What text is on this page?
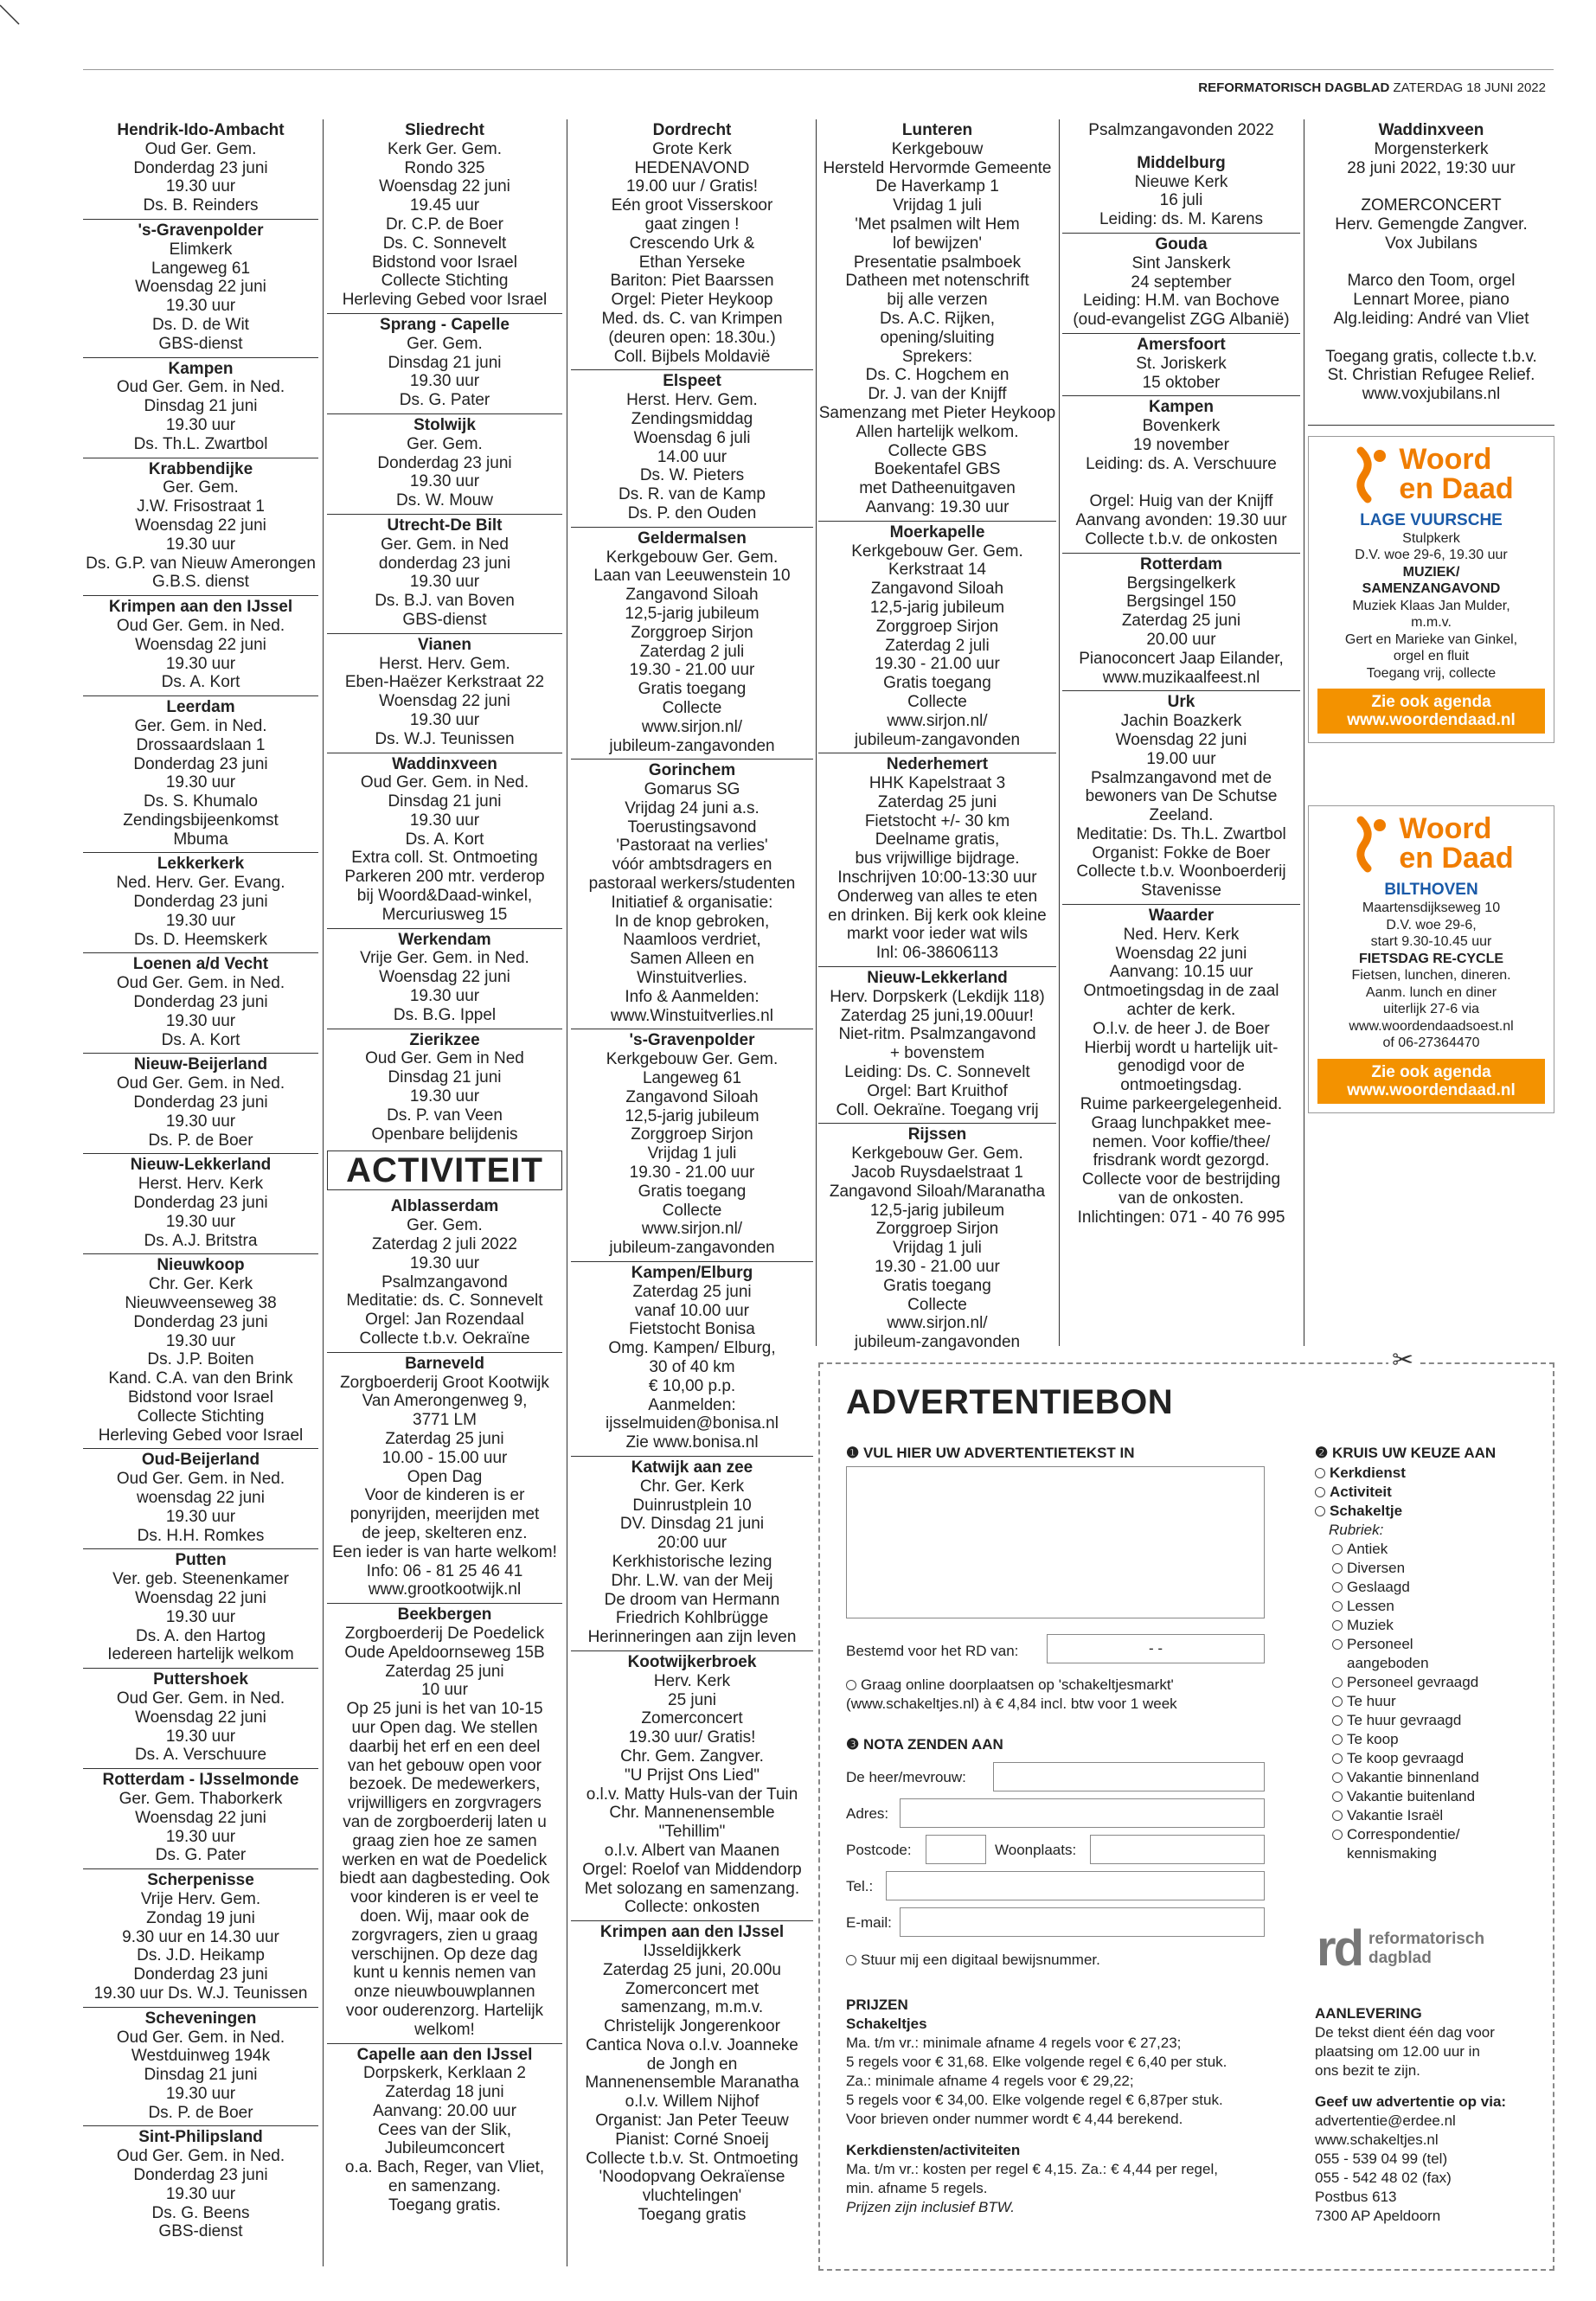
REFORMATORISCH DAGBLAD ZATERDAG 18 JUNI 2022
Hendrik-Ido-Ambacht
Oud Ger. Gem.
Donderdag 23 juni
19.30 uur
Ds. B. Reinders
's-Gravenpolder
Elimkerk
Langeweg 61
Woensdag 22 juni
19.30 uur
Ds. D. de Wit
GBS-dienst
Kampen
Oud Ger. Gem. in Ned.
Dinsdag 21 juni
19.30 uur
Ds. Th.L. Zwartbol
Krabbendijke
Ger. Gem.
J.W. Frisostraat 1
Woensdag 22 juni
19.30 uur
Ds. G.P. van Nieuw Amerongen
G.B.S. dienst
Krimpen aan den IJssel
Oud Ger. Gem. in Ned.
Woensdag 22 juni
19.30 uur
Ds. A. Kort
Leerdam
Ger. Gem. in Ned.
Drossaardslaan 1
Donderdag 23 juni
19.30 uur
Ds. S. Khumalo
Zendingsbijeenkomst
Mbuma
Lekkerkerk
Ned. Herv. Ger. Evang.
Donderdag 23 juni
19.30 uur
Ds. D. Heemskerk
Loenen a/d Vecht
Oud Ger. Gem. in Ned.
Donderdag 23 juni
19.30 uur
Ds. A. Kort
Nieuw-Beijerland
Oud Ger. Gem. in Ned.
Donderdag 23 juni
19.30 uur
Ds. P. de Boer
Nieuw-Lekkerland
Herst. Herv. Kerk
Donderdag 23 juni
19.30 uur
Ds. A.J. Britstra
Nieuwkoop
Chr. Ger. Kerk
Nieuwveenseweg 38
Donderdag 23 juni
19.30 uur
Ds. J.P. Boiten
Kand. C.A. van den Brink
Bidstond voor Israel
Collecte Stichting
Herleving Gebed voor Israel
Oud-Beijerland
Oud Ger. Gem. in Ned.
woensdag 22 juni
19.30 uur
Ds. H.H. Romkes
Putten
Ver. geb. Steenenkamer
Woensdag 22 juni
19.30 uur
Ds. A. den Hartog
Iedereen hartelijk welkom
Puttershoek
Oud Ger. Gem. in Ned.
Woensdag 22 juni
19.30 uur
Ds. A. Verschuure
Rotterdam - IJsselmonde
Ger. Gem. Thaborkerk
Woensdag 22 juni
19.30 uur
Ds. G. Pater
Scherpenisse
Vrije Herv. Gem.
Zondag 19 juni
9.30 uur en 14.30 uur
Ds. J.D. Heikamp
Donderdag 23 juni
19.30 uur Ds. W.J. Teunissen
Scheveningen
Oud Ger. Gem. in Ned.
Westduinweg 194k
Dinsdag 21 juni
19.30 uur
Ds. P. de Boer
Sint-Philipsland
Oud Ger. Gem. in Ned.
Donderdag 23 juni
19.30 uur
Ds. G. Beens
GBS-dienst
Sliedrecht
Kerk Ger. Gem.
Rondo 325
Woensdag 22 juni
19.45 uur
Dr. C.P. de Boer
Ds. C. Sonnevelt
Bidstond voor Israel
Collecte Stichting
Herleving Gebed voor Israel
Sprang - Capelle
Ger. Gem.
Dinsdag 21 juni
19.30 uur
Ds. G. Pater
Stolwijk
Ger. Gem.
Donderdag 23 juni
19.30 uur
Ds. W. Mouw
Utrecht-De Bilt
Ger. Gem. in Ned
donderdag 23 juni
19.30 uur
Ds. B.J. van Boven
GBS-dienst
Vianen
Herst. Herv. Gem.
Eben-Haëzer Kerkstraat 22
Woensdag 22 juni
19.30 uur
Ds. W.J. Teunissen
Waddinxveen
Oud Ger. Gem. in Ned.
Dinsdag 21 juni
19.30 uur
Ds. A. Kort
Extra coll. St. Ontmoeting
Parkeren 200 mtr. verderop
bij Woord&Daad-winkel,
Mercuriusweg 15
Werkendam
Vrije Ger. Gem. in Ned.
Woensdag 22 juni
19.30 uur
Ds. B.G. Ippel
Zierikzee
Oud Ger. Gem in Ned
Dinsdag 21 juni
19.30 uur
Ds. P. van Veen
Openbare belijdenis
ACTIVITEIT
Alblasserdam
Ger. Gem.
Zaterdag 2 juli 2022
19.30 uur
Psalmzangavond
Meditatie: ds. C. Sonnevelt
Orgel: Jan Rozendaal
Collecte t.b.v. Oekraïne
Barneveld
Zorgboerderij Groot Kootwijk
Van Amerongenweg 9,
3771 LM
Zaterdag 25 juni
10.00 - 15.00 uur
Open Dag
Voor de kinderen is er
ponyrijden, meerijden met
de jeep, skelteren enz.
Een ieder is van harte welkom!
Info: 06 - 81 25 46 41
www.grootkootwijk.nl
Beekbergen
Zorgboerderij De Poedelick
Oude Apeldoornseweg 15B
Zaterdag 25 juni
10 uur
Op 25 juni is het van 10-15
uur Open dag. We stellen
daarbij het erf en een deel
van het gebouw open voor
bezoek. De medewerkers,
vrijwilligers en zorgvragers
van de zorgboerderij laten u
graag zien hoe ze samen
werken en wat de Poedelick
biedt aan dagbesteding. Ook
voor kinderen is er veel te
doen. Wij, maar ook de
zorgvragers, zien u graag
verschijnen. Op deze dag
kunt u kennis nemen van
onze nieuwbouwplannen
voor ouderenzorg. Hartelijk
welkom!
Capelle aan den IJssel
Dorpskerk, Kerklaan 2
Zaterdag 18 juni
Aanvang: 20.00 uur
Cees van der Slik,
Jubileumconcert
o.a. Bach, Reger, van Vliet,
en samenzang.
Toegang gratis.
Dordrecht
Grote Kerk
HEDENAVOND
19.00 uur / Gratis!
Eén groot Visserskoor
gaat zingen !
Crescendo Urk &
Ethan Yerseke
Bariton: Piet Baarssen
Orgel: Pieter Heykoop
Med. ds. C. van Krimpen
(deuren open: 18.30u.)
Coll. Bijbels Moldavië
Elspeet
Herst. Herv. Gem.
Zendingsmiddag
Woensdag 6 juli
14.00 uur
Ds. W. Pieters
Ds. R. van de Kamp
Ds. P. den Ouden
Geldermalsen
Kerkgebouw Ger. Gem.
Laan van Leeuwenstein 10
Zangavond Siloah
12,5-jarig jubileum
Zorggroep Sirjon
Zaterdag 2 juli
19.30 - 21.00 uur
Gratis toegang
Collecte
www.sirjon.nl/
jubileum-zangavonden
Gorinchem
Gomarus SG
Vrijdag 24 juni a.s.
Toerustingsavond
'Pastoraat na verlies'
vóór ambtsdragers en
pastoraal werkers/studenten
Initiatief & organisatie:
In de knop gebroken,
Naamloos verdriet,
Samen Alleen en
Winstuitverlies.
Info & Aanmelden:
www.Winstuitverlies.nl
's-Gravenpolder
Kerkgebouw Ger. Gem.
Langeweg 61
Zangavond Siloah
12,5-jarig jubileum
Zorggroep Sirjon
Vrijdag 1 juli
19.30 - 21.00 uur
Gratis toegang
Collecte
www.sirjon.nl/
jubileum-zangavonden
Kampen/Elburg
Zaterdag 25 juni
vanaf 10.00 uur
Fietstocht Bonisa
Omg. Kampen/ Elburg,
30 of 40 km
€ 10,00 p.p.
Aanmelden:
ijsselmuiden@bonisa.nl
Zie www.bonisa.nl
Katwijk aan zee
Chr. Ger. Kerk
Duinrustplein 10
DV. Dinsdag 21 juni
20:00 uur
Kerkhistorische lezing
Dhr. L.W. van der Meij
De droom van Hermann
Friedrich Kohlbrügge
Herinneringen aan zijn leven
Kootwijkerbroek
Herv. Kerk
25 juni
Zomerconcert
19.30 uur/ Gratis!
Chr. Gem. Zangver.
"U Prijst Ons Lied"
o.l.v. Matty Huls-van der Tuin
Chr. Mannenensemble
"Tehillim"
o.l.v. Albert van Maanen
Orgel: Roelof van Middendorp
Met solozang en samenzang.
Collecte: onkosten
Krimpen aan den IJssel
IJsseldijkkerk
Zaterdag 25 juni, 20.00u
Zomerconcert met
samenzang, m.m.v.
Christelijk Jongerenkoor
Cantica Nova o.l.v. Joanneke
de Jongh en
Mannenensemble Maranatha
o.l.v. Willem Nijhof
Organist: Jan Peter Teeuw
Pianist: Corné Snoeij
Collecte t.b.v. St. Ontmoeting
'Noodopvang Oekraïense
vluchtelingen'
Toegang gratis
Lunteren
Kerkgebouw
Hersteld Hervormde Gemeente
De Haverkamp 1
Vrijdag 1 juli
'Met psalmen wilt Hem
lof bewijzen'
Presentatie psalmboek
Datheen met notenschrift
bij alle verzen
Ds. A.C. Rijken,
opening/sluiting
Sprekers:
Ds. C. Hogchem en
Dr. J. van der Knijff
Samenzang met Pieter Heykoop
Allen hartelijk welkom.
Collecte GBS
Boekentafel GBS
met Datheenuitgaven
Aanvang: 19.30 uur
Moerkapelle
Kerkgebouw Ger. Gem.
Kerkstraat 14
Zangavond Siloah
12,5-jarig jubileum
Zorggroep Sirjon
Zaterdag 2 juli
19.30 - 21.00 uur
Gratis toegang
Collecte
www.sirjon.nl/
jubileum-zangavonden
Nederhemert
HHK Kapelstraat 3
Zaterdag 25 juni
Fietstocht +/- 30 km
Deelname gratis,
bus vrijwillige bijdrage.
Inschrijven 10:00-13:30 uur
Onderweg van alles te eten
en drinken. Bij kerk ook kleine
markt voor ieder wat wils
Inl: 06-38606113
Nieuw-Lekkerland
Herv. Dorpskerk (Lekdijk 118)
Zaterdag 25 juni,19.00uur!
Niet-ritm. Psalmzangavond
+ bovenstem
Leiding: Ds. C. Sonnevelt
Orgel: Bart Kruithof
Coll. Oekraïne. Toegang vrij
Rijssen
Kerkgebouw Ger. Gem.
Jacob Ruysdaelstraat 1
Zangavond Siloah/Maranatha
12,5-jarig jubileum
Zorggroep Sirjon
Vrijdag 1 juli
19.30 - 21.00 uur
Gratis toegang
Collecte
www.sirjon.nl/
jubileum-zangavonden
Psalmzangavonden 2022
Middelburg
Nieuwe Kerk
16 juli
Leiding: ds. M. Karens
Gouda
Sint Janskerk
24 september
Leiding: H.M. van Bochove
(oud-evangelist ZGG Albanië)
Amersfoort
St. Joriskerk
15 oktober
Kampen
Bovenkerk
19 november
Leiding: ds. A. Verschuure

Orgel: Huig van der Knijff
Aanvang avonden: 19.30 uur
Collecte t.b.v. de onkosten
Rotterdam
Bergsingelkerk
Bergsingel 150
Zaterdag 25 juni
20.00 uur
Pianoconcert Jaap Eilander,
www.muzikaalfeest.nl
Urk
Jachin Boazkerk
Woensdag 22 juni
19.00 uur
Psalmzangavond met de
bewoners van De Schutse
Zeeland.
Meditatie: Ds. Th.L. Zwartbol
Organist: Fokke de Boer
Collecte t.b.v. Woonboerderij
Stavenisse
Waarder
Ned. Herv. Kerk
Woensdag 22 juni
Aanvang: 10.15 uur
Ontmoetingsdag in de zaal
achter de kerk.
O.l.v. de heer J. de Boer
Hierbij wordt u hartelijk uit-
genodigd voor de
ontmoetingsdag.
Ruime parkeergelegenheid.
Graag lunchpakket mee-
nemen. Voor koffie/thee/
frisdrank wordt gezorgd.
Collecte voor de bestrijding
van de onkosten.
Inlichtingen: 071 - 40 76 995
Waddinxveen
Morgensterkerk
28 juni 2022, 19:30 uur

ZOMERCONCERT
Herv. Gemengde Zangver.
Vox Jubilans

Marco den Toom, orgel
Lennart Moree, piano
Alg.leiding: André van Vliet

Toegang gratis, collecte t.b.v.
St. Christian Refugee Relief.
www.voxjubilans.nl
Woord
en Daad
LAGE VUURSCHE
Stulpkerk
D.V. woe 29-6, 19.30 uur
MUZIEK/
SAMENZANGAVOND
Muziek Klaas Jan Mulder,
m.m.v.
Gert en Marieke van Ginkel,
orgel en fluit
Toegang vrij, collecte
Zie ook agenda
www.woordendaad.nl
Woord
en Daad
BILTHOVEN
Maartensdijkseweg 10
D.V. woe 29-6,
start 9.30-10.45 uur
FIETSDAG RE-CYCLE
Fietsen, lunchen, dineren.
Aanm. lunch en diner
uiterlijk 27-6 via
www.woordendaadsoest.nl
of 06-27364470
Zie ook agenda
www.woordendaad.nl
ADVERTENTIEBON
❶ VUL HIER UW ADVERTENTIETEKST IN
Bestemd voor het RD van:	- -
Graag online doorplaatsen op 'schakeltjesmarkt'
(www.schakeltjes.nl) à € 4,84 incl. btw voor 1 week
❸ NOTA ZENDEN AAN
De heer/mevrouw:
Adres:
Postcode:	Woonplaats:
Tel.:
E-mail:
Stuur mij een digitaal bewijsnummer.
PRIJZEN
Schakeltjes
Ma. t/m vr.: minimale afname 4 regels voor € 27,23;
5 regels voor € 31,68. Elke volgende regel € 6,40 per stuk.
Za.: minimale afname 4 regels voor € 29,22;
5 regels voor € 34,00. Elke volgende regel € 6,87per stuk.
Voor brieven onder nummer wordt € 4,44 berekend.
Kerkdiensten/activiteiten
Ma. t/m vr.: kosten per regel € 4,15. Za.: € 4,44 per regel,
min. afname 5 regels.
Prijzen zijn inclusief BTW.
❷ KRUIS UW KEUZE AAN
Kerkdienst
Activiteit
Schakeltje
Rubriek:
Antiek
Diversen
Geslaagd
Lessen
Muziek
Personeel
aangeboden
Personeel gevraagd
Te huur
Te huur gevraagd
Te koop
Te koop gevraagd
Vakantie binnenland
Vakantie buitenland
Vakantie Israël
Correspondentie/
kennismaking
AANLEVERING
De tekst dient één dag voor
plaatsing om 12.00 uur in
ons bezit te zijn.
Geef uw advertentie op via:
advertentie@erdee.nl
www.schakeltjes.nl
055 - 539 04 99 (tel)
055 - 542 48 02 (fax)
Postbus 613
7300 AP Apeldoorn
✂
rd reformatorisch
dagblad
